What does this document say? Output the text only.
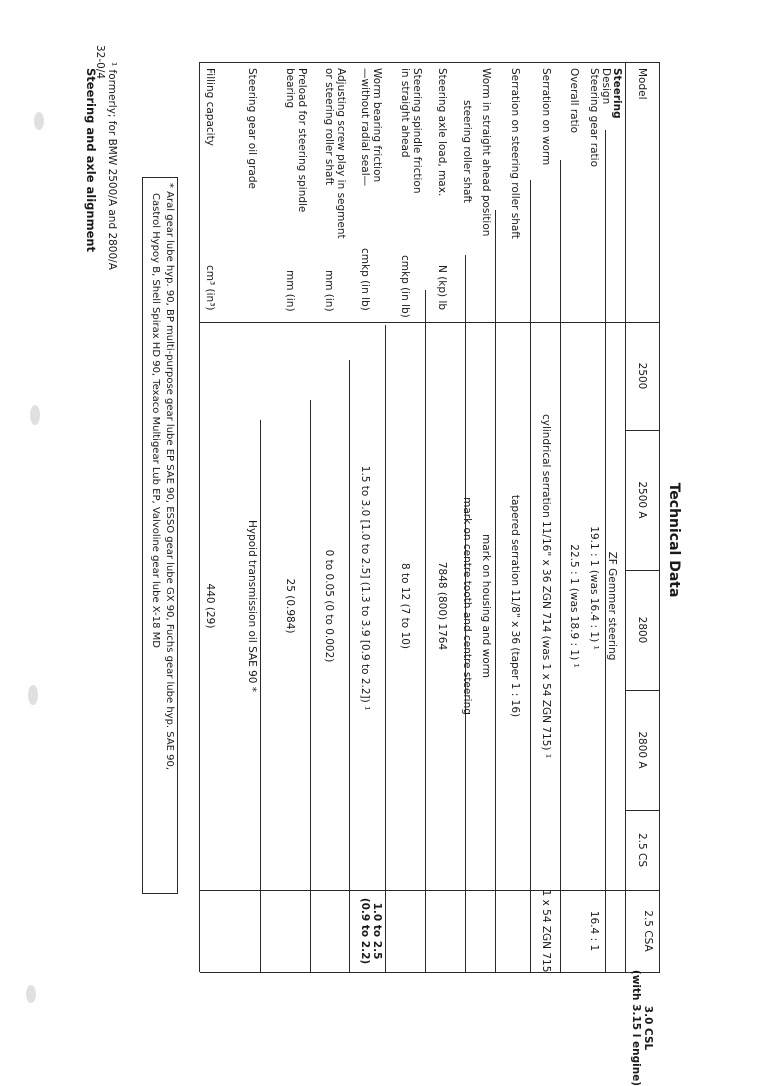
32-0/4
Steering and axle alignment
Technical Data
Model
2500
2500 A
2800
2800 A
2.5 CS
2.5 CSA
3.0 CSL
(with 3.15 l engine)
Steering
Design
Steering gear ratio
Overall ratio
Serration on worm
Serration on steering roller shaft
Worm in straight ahead position
steering roller shaft
Steering axle load, max.
N (kp) lb
Steering spindle friction
in straight ahead
cmkp (in lb)
Worm bearing friction
—without radial seal—
cmkp (in lb)
Adjusting screw play in segment
or steering roller shaft
mm (in)
Preload for steering spindle
bearing
mm (in)
Steering gear oil grade
Filling capacity
cm³ (in³)
ZF Gemmer steering
19.1 : 1 (was 16.4 : 1) ¹
16.4 : 1
22.5 : 1 (was 18.9 : 1) ¹
cylindrical serration 11/16" x 36 ZGN 714 (was 1 x 54 ZGN 715) ¹
1 x 54 ZGN 715
tapered serration 11/8" x 36 (taper 1 : 16)
mark on housing and worm
mark on centre tooth and centre steering
7848 (800) 1764
8 to 12 (7 to 10)
1.5 to 3.0 [1.0 to 2.5] (1.3 to 3.9 [0.9 to 2.2]) ¹
1.0 to 2.5
(0.9 to 2.2)
0 to 0.05 (0 to 0.002)
25 (0.984)
Hypoid transmission oil SAE 90 *
440 (29)
* Aral gear lube hyp. 90, BP multi-purpose gear lube EP SAE 90, ESSO gear lube GX 90, Fuchs gear lube hyp. SAE 90,
Castrol Hypoy B, Shell Spirax HD 90, Texaco Multigear Lub EP, Valvoline gear lube X-18 MD
¹ formerly; for BMW 2500/A and 2800/A
